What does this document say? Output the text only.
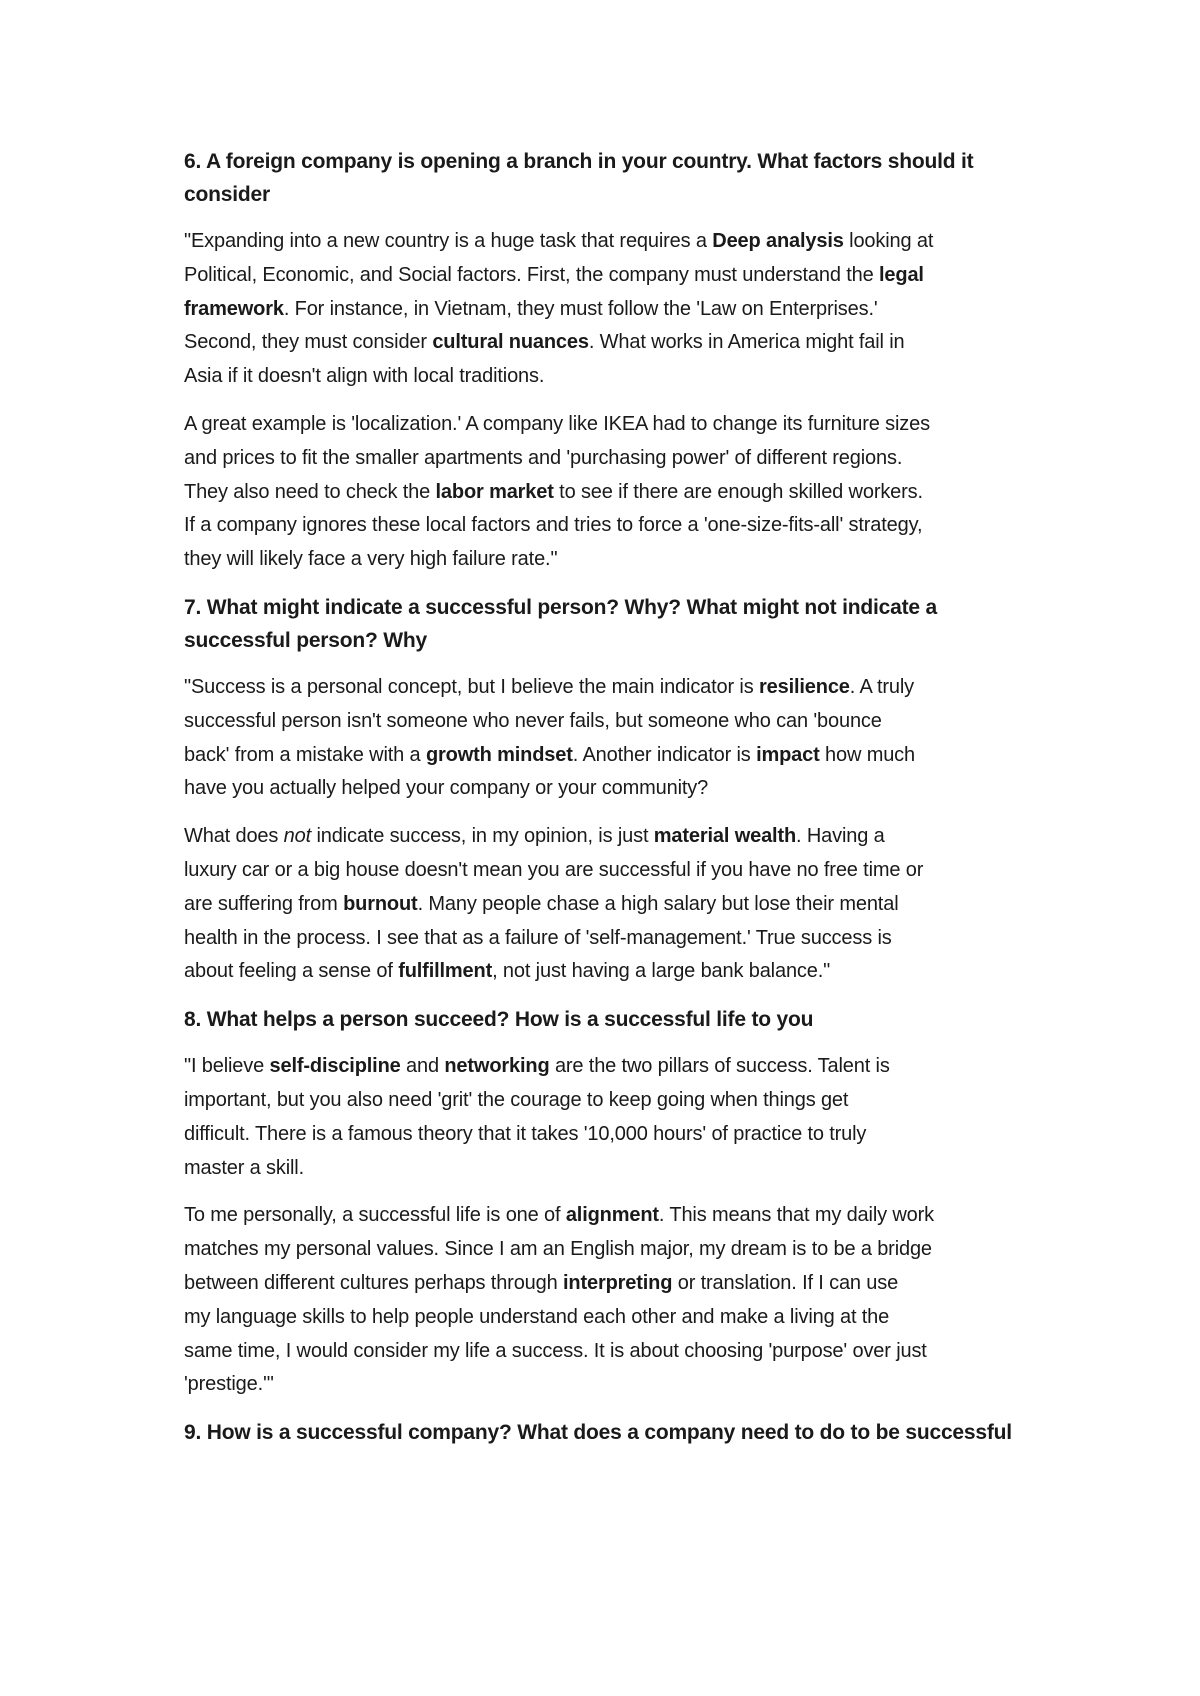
6. A foreign company is opening a branch in your country. What factors should it
consider
"Expanding into a new country is a huge task that requires a Deep analysis looking at
Political, Economic, and Social factors. First, the company must understand the legal
framework. For instance, in Vietnam, they must follow the 'Law on Enterprises.'
Second, they must consider cultural nuances. What works in America might fail in
Asia if it doesn't align with local traditions.
A great example is 'localization.' A company like IKEA had to change its furniture sizes
and prices to fit the smaller apartments and 'purchasing power' of different regions.
They also need to check the labor market to see if there are enough skilled workers.
If a company ignores these local factors and tries to force a 'one-size-fits-all' strategy,
they will likely face a very high failure rate."
7. What might indicate a successful person? Why? What might not indicate a
successful person? Why
"Success is a personal concept, but I believe the main indicator is resilience. A truly
successful person isn't someone who never fails, but someone who can 'bounce
back' from a mistake with a growth mindset. Another indicator is impact how much
have you actually helped your company or your community?
What does not indicate success, in my opinion, is just material wealth. Having a
luxury car or a big house doesn't mean you are successful if you have no free time or
are suffering from burnout. Many people chase a high salary but lose their mental
health in the process. I see that as a failure of 'self-management.' True success is
about feeling a sense of fulfillment, not just having a large bank balance."
8. What helps a person succeed? How is a successful life to you
"I believe self-discipline and networking are the two pillars of success. Talent is
important, but you also need 'grit' the courage to keep going when things get
difficult. There is a famous theory that it takes '10,000 hours' of practice to truly
master a skill.
To me personally, a successful life is one of alignment. This means that my daily work
matches my personal values. Since I am an English major, my dream is to be a bridge
between different cultures perhaps through interpreting or translation. If I can use
my language skills to help people understand each other and make a living at the
same time, I would consider my life a success. It is about choosing 'purpose' over just
'prestige.'"
9. How is a successful company? What does a company need to do to be successful
